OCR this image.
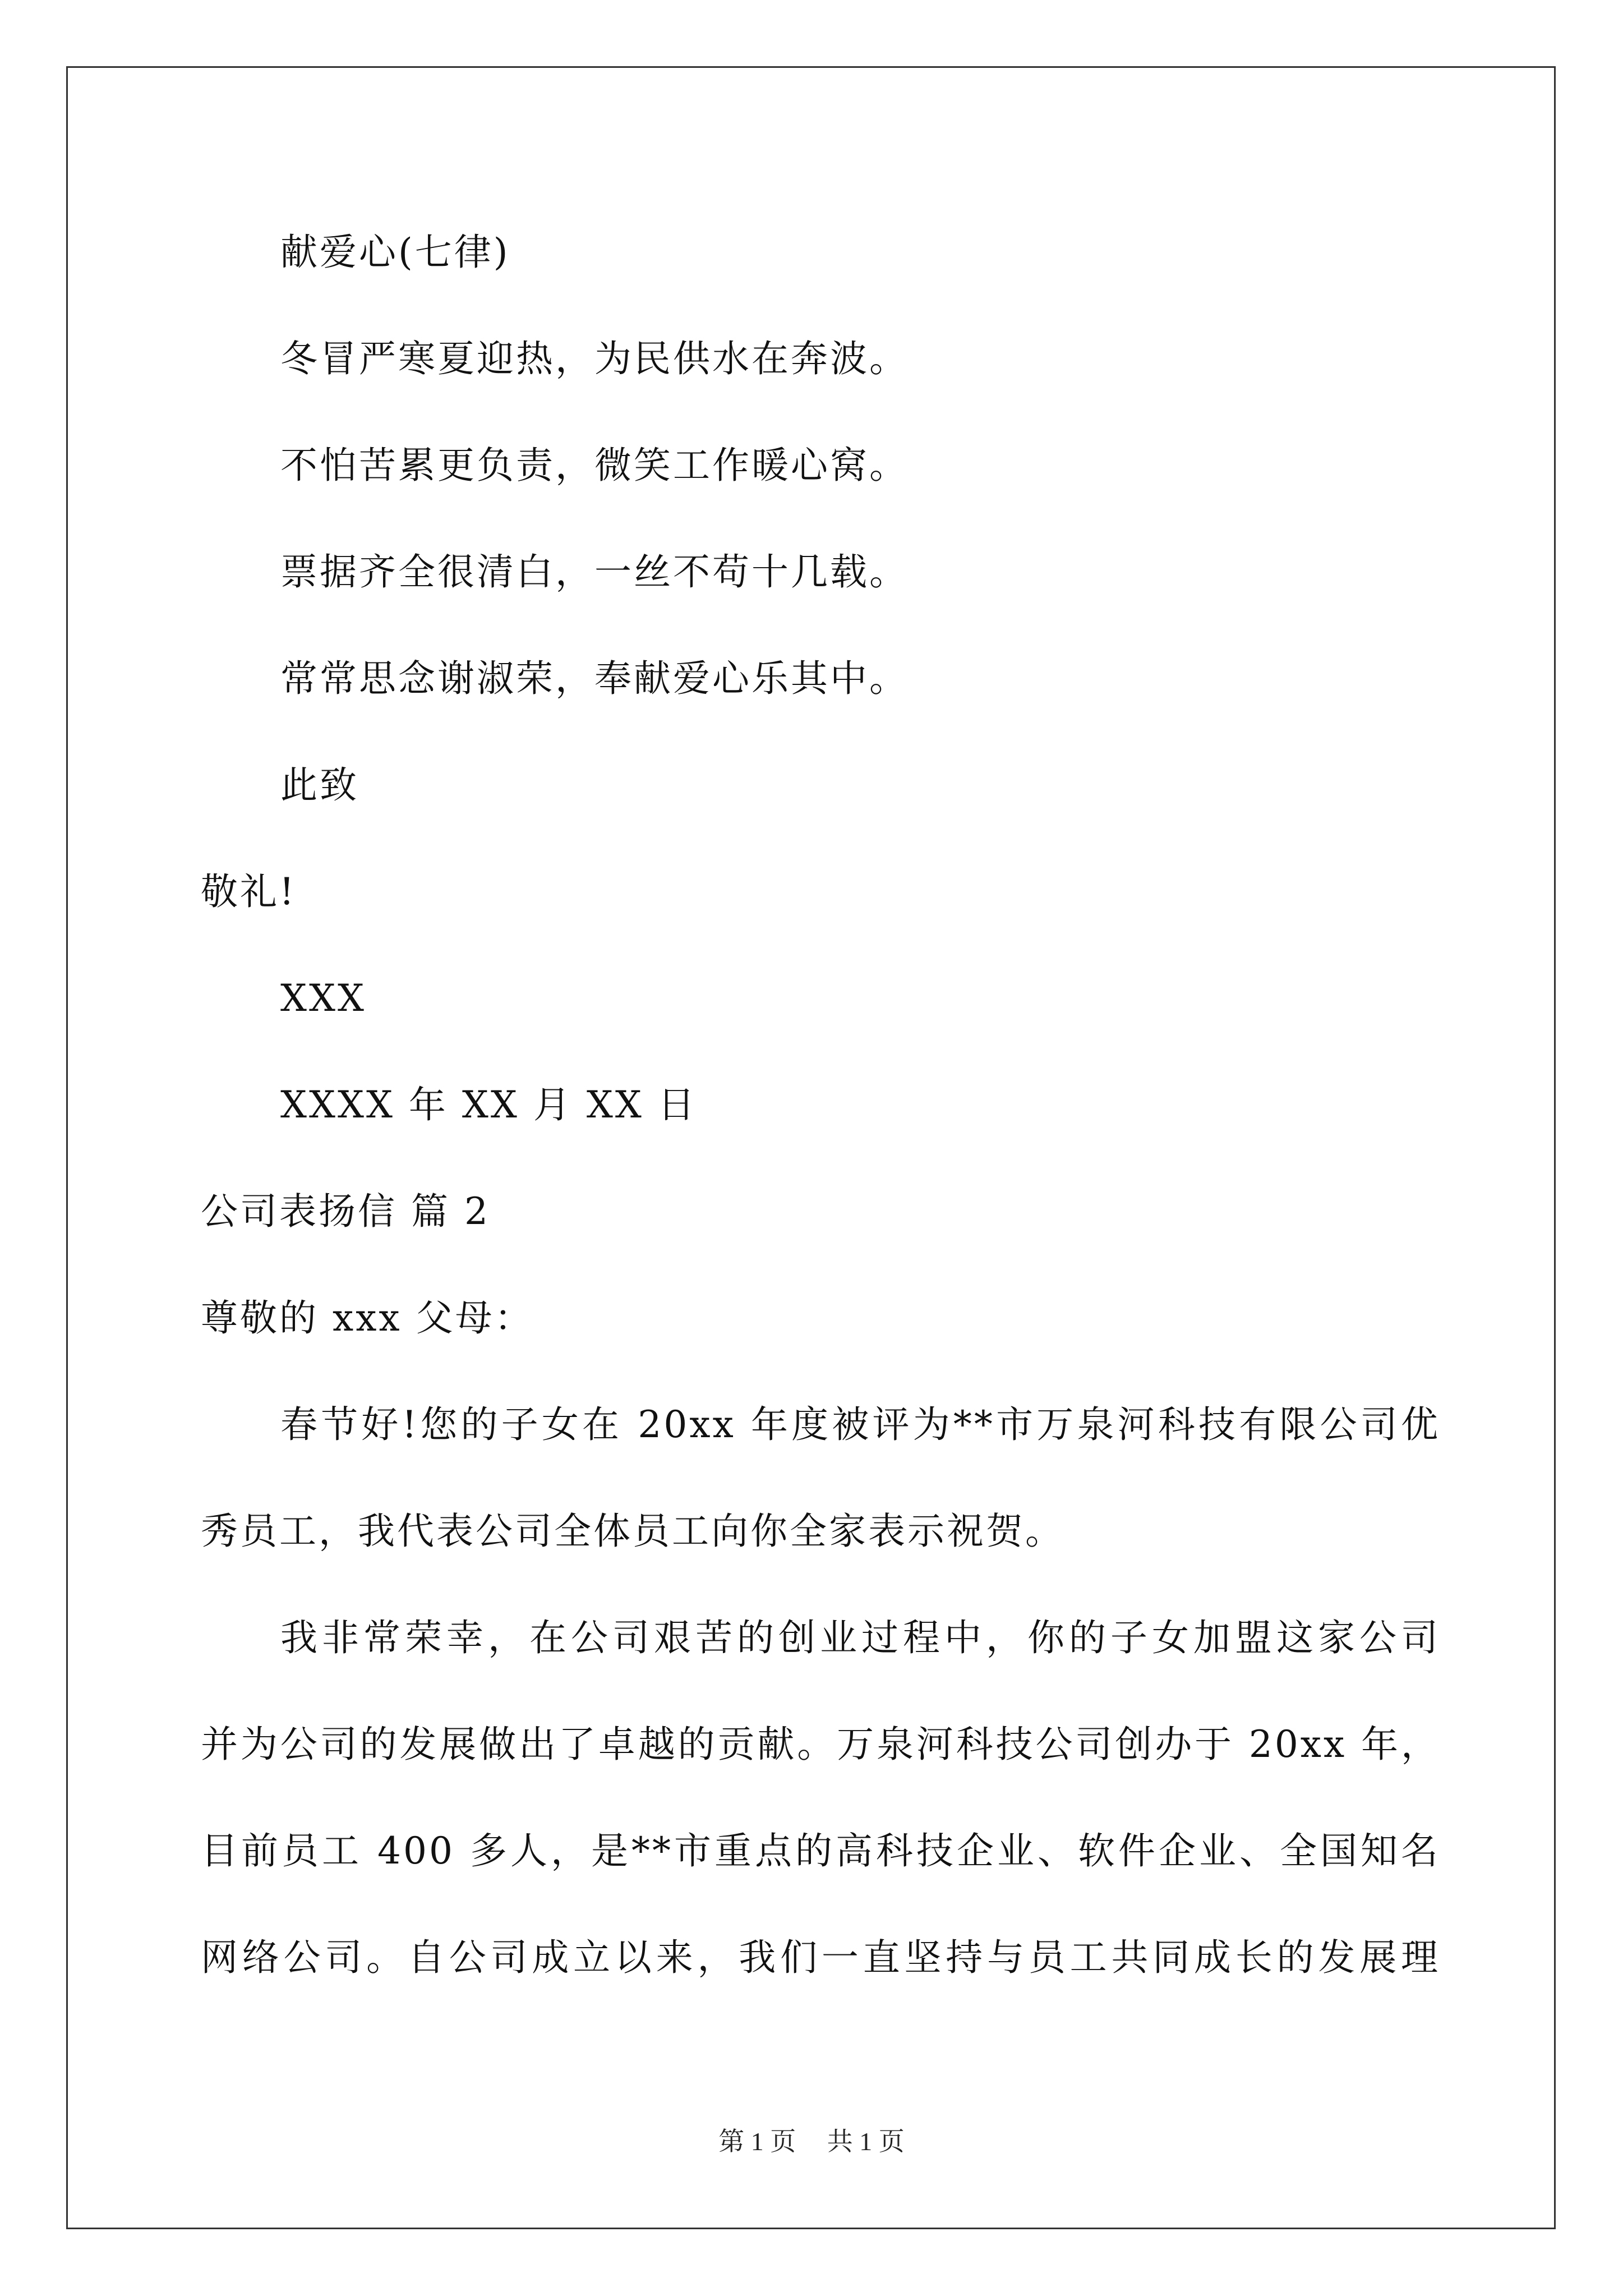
献爱心(七律)
冬冒严寒夏迎热，为民供水在奔波。
不怕苦累更负责，微笑工作暖心窝。
票据齐全很清白，一丝不苟十几载。
常常思念谢淑荣，奉献爱心乐其中。
此致
敬礼!
XXX
XXXX 年 XX 月 XX 日
公司表扬信 篇 2
尊敬的 xxx 父母：
春节好!您的子女在 20xx 年度被评为**市万泉河科技有限公司优
秀员工，我代表公司全体员工向你全家表示祝贺。
我非常荣幸，在公司艰苦的创业过程中，你的子女加盟这家公司
并为公司的发展做出了卓越的贡献。万泉河科技公司创办于 20xx 年，
目前员工 400 多人，是**市重点的高科技企业、软件企业、全国知名
网络公司。自公司成立以来，我们一直坚持与员工共同成长的发展理
第 1 页 共 1 页
